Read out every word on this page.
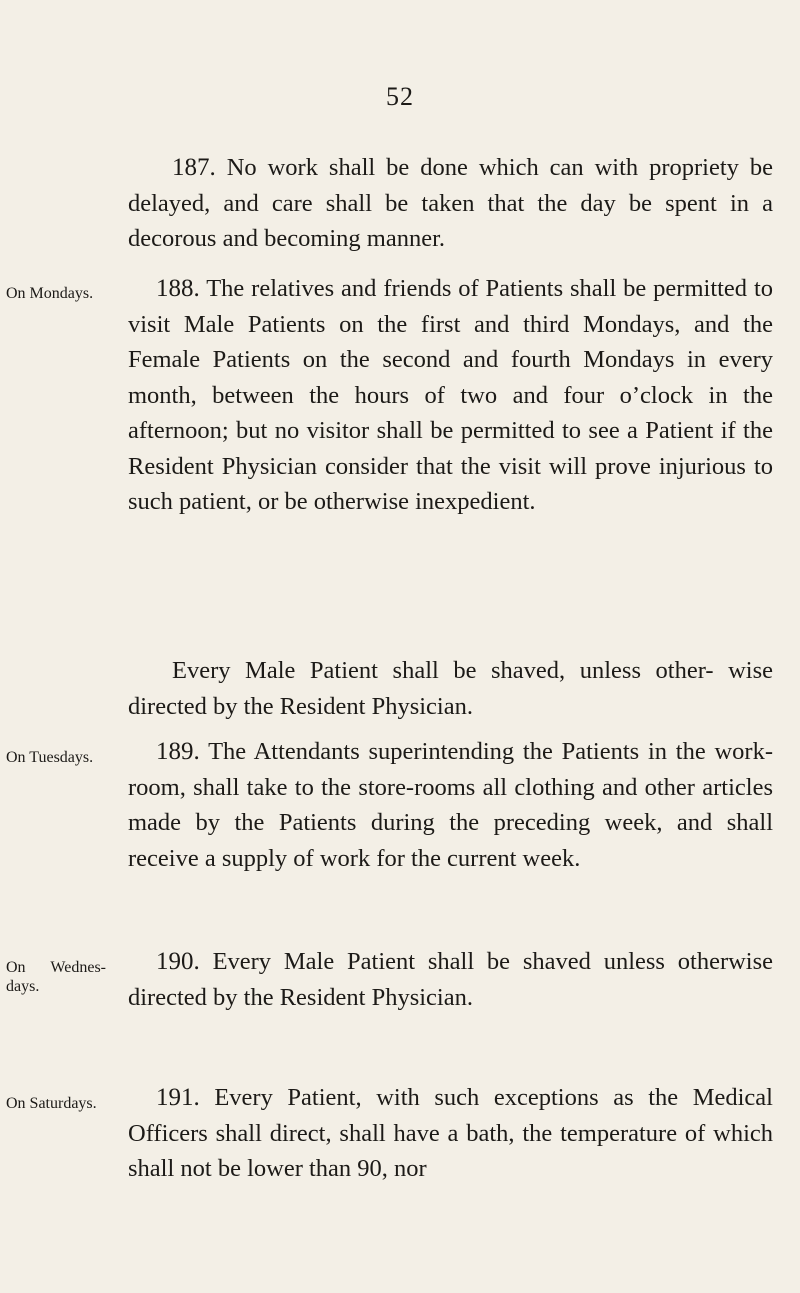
52

187. No work shall be done which can with propriety be delayed, and care shall be taken that the day be spent in a decorous and becoming manner.

On Mondays.	188. The relatives and friends of Patients shall be permitted to visit Male Patients on the first and third Mondays, and the Female Patients on the second and fourth Mondays in every month, between the hours of two and four o’clock in the afternoon; but no visitor shall be permitted to see a Patient if the Resident Physician consider that the visit will prove injurious to such patient, or be otherwise inexpedient.

Every Male Patient shall be shaved, unless other- wise directed by the Resident Physician.

On Tuesdays.	189. The Attendants superintending the Patients in the work-room, shall take to the store-rooms all clothing and other articles made by the Patients during the preceding week, and shall receive a supply of work for the current week.

On Wednes- days.

190. Every Male Patient shall be shaved unless otherwise directed by the Resident Physician.

On Saturdays.	191. Every Patient, with such exceptions as the Medical Officers shall direct, shall have a bath, the temperature of which shall not be lower than 90, nor
